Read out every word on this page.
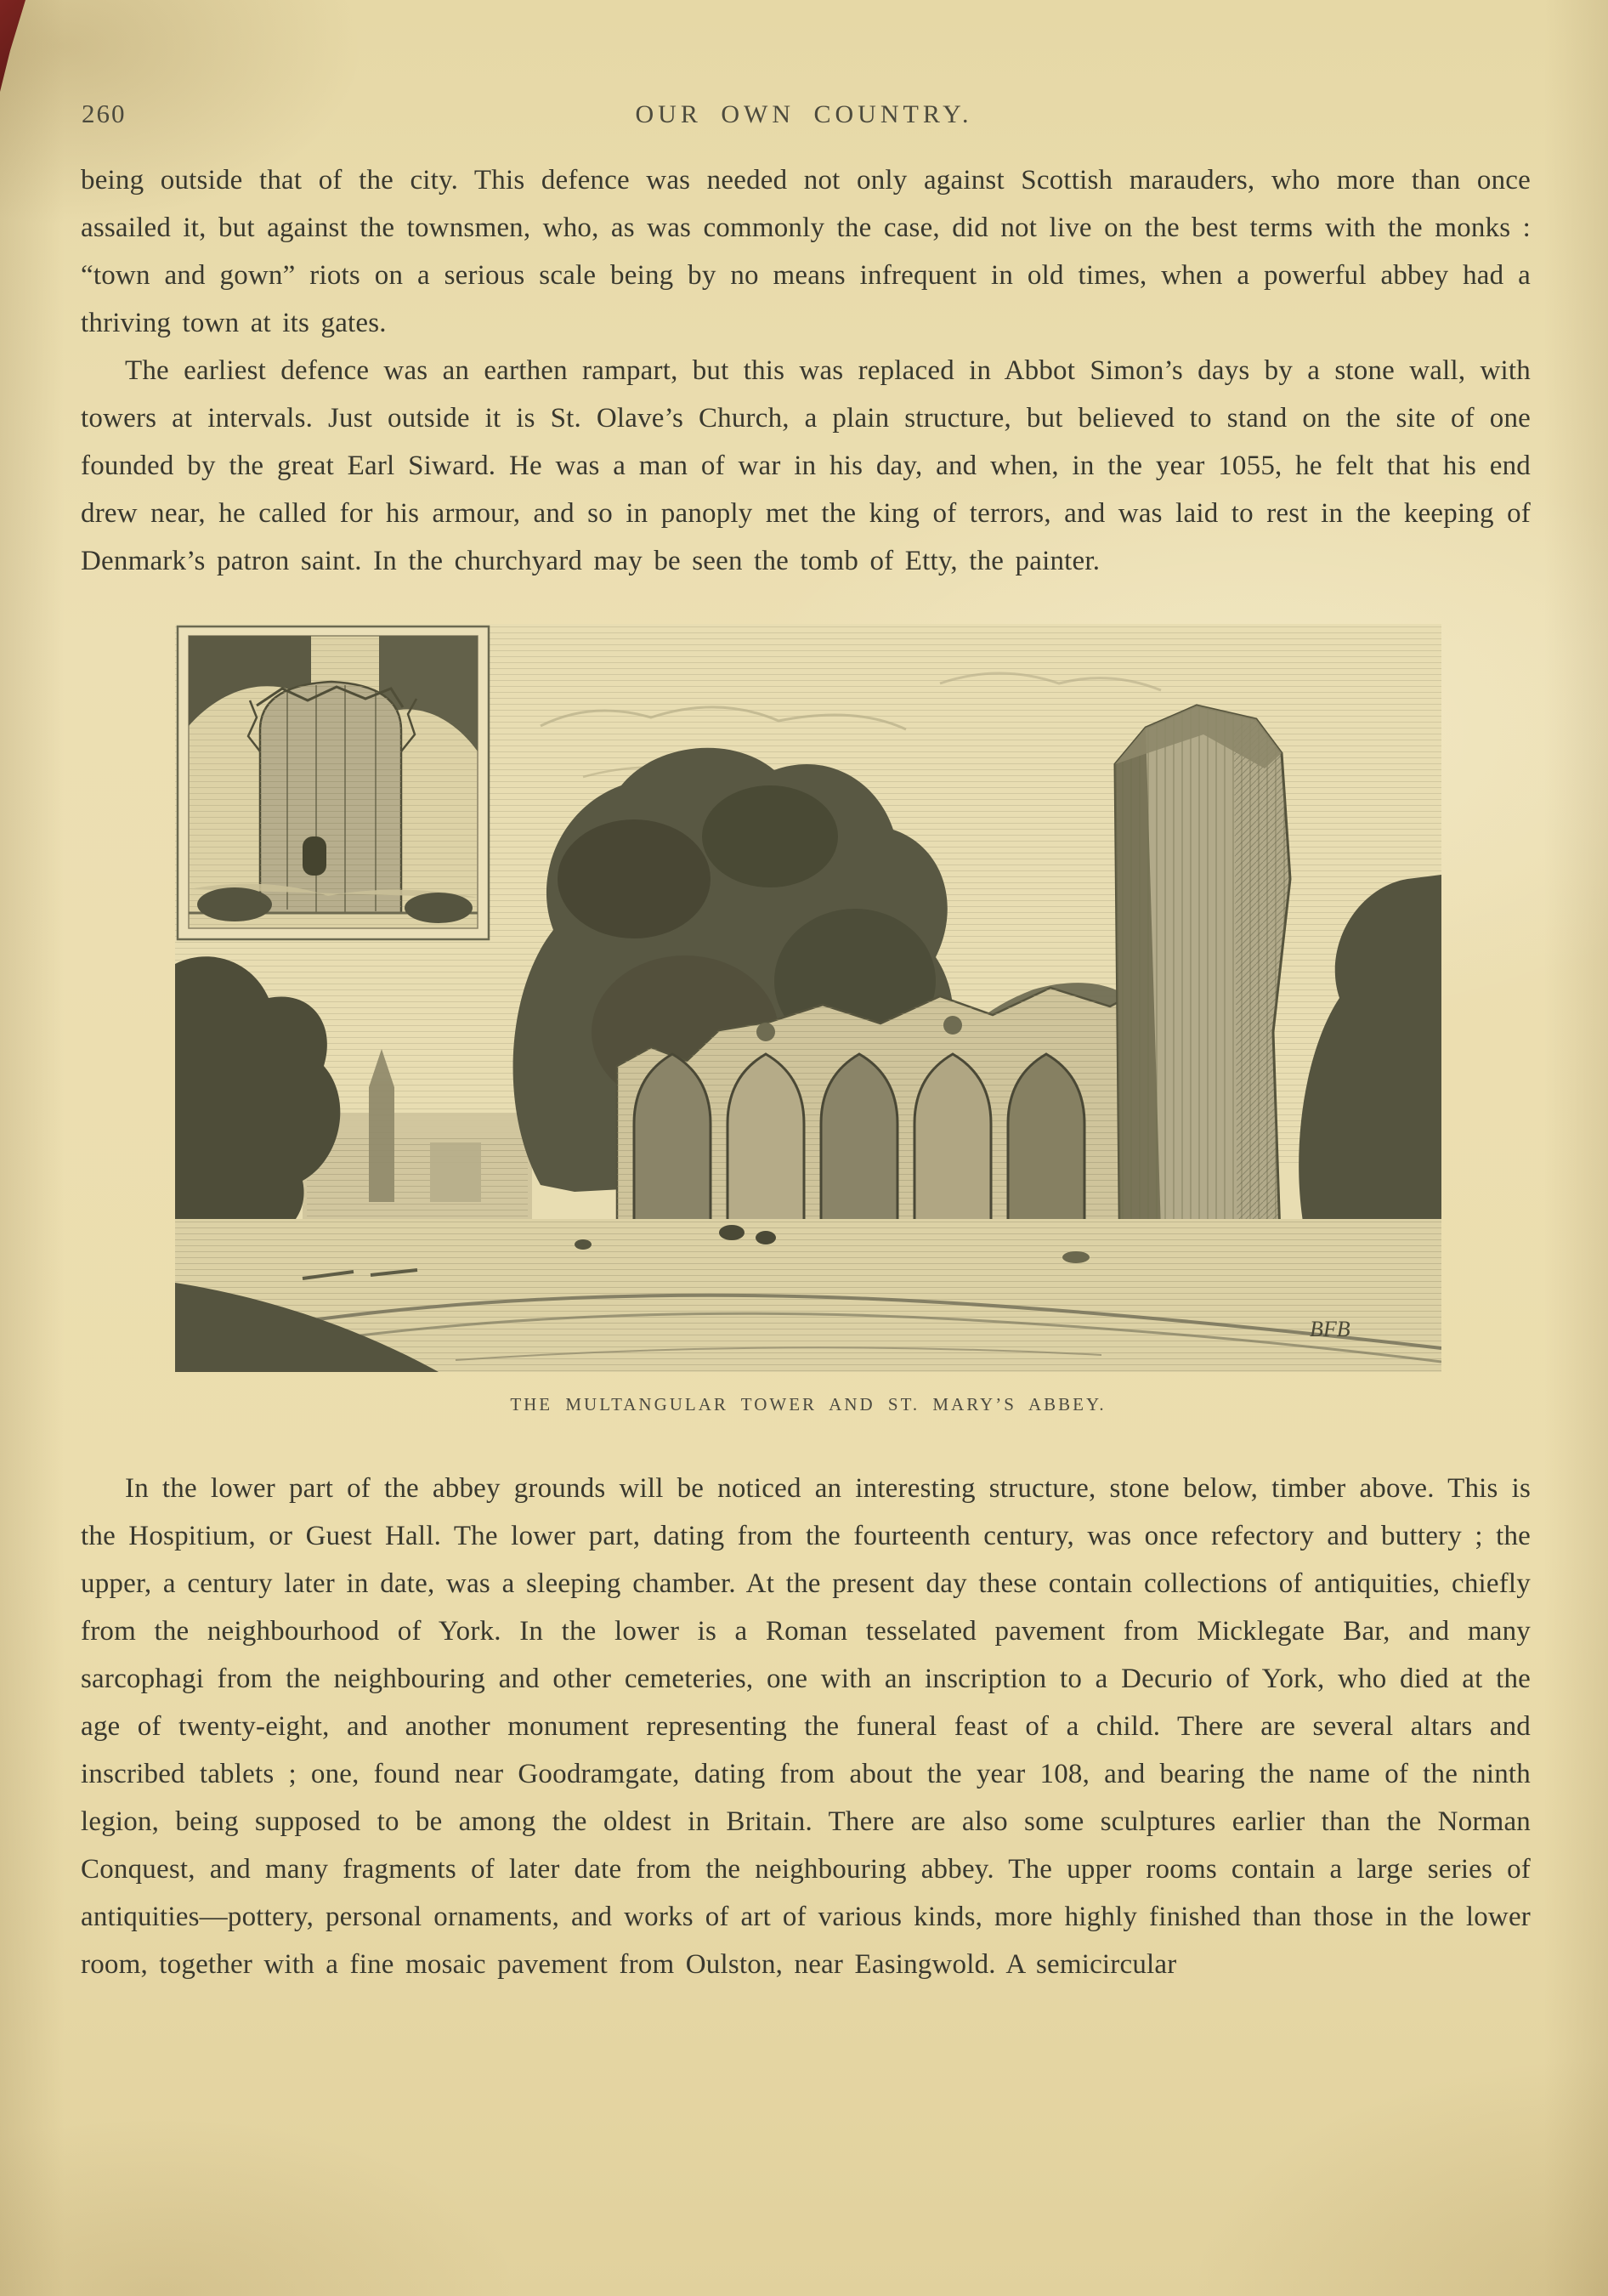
260	OUR OWN COUNTRY.

being outside that of the city. This defence was needed not only against Scottish marauders, who more than once assailed it, but against the townsmen, who, as was commonly the case, did not live on the best terms with the monks : “town and gown” riots on a serious scale being by no means infrequent in old times, when a powerful abbey had a thriving town at its gates.

The earliest defence was an earthen rampart, but this was replaced in Abbot Simon’s days by a stone wall, with towers at intervals. Just outside it is St. Olave’s Church, a plain structure, but believed to stand on the site of one founded by the great Earl Siward. He was a man of war in his day, and when, in the year 1055, he felt that his end drew near, he called for his armour, and so in panoply met the king of terrors, and was laid to rest in the keeping of Denmark’s patron saint. In the churchyard may be seen the tomb of Etty, the painter.

BFB
THE MULTANGULAR TOWER AND ST. MARY’S ABBEY.

In the lower part of the abbey grounds will be noticed an interesting structure, stone below, timber above. This is the Hospitium, or Guest Hall. The lower part, dating from the fourteenth century, was once refectory and buttery ; the upper, a century later in date, was a sleeping chamber. At the present day these contain collections of antiquities, chiefly from the neighbourhood of York. In the lower is a Roman tesselated pavement from Micklegate Bar, and many sarcophagi from the neighbouring and other cemeteries, one with an inscription to a Decurio of York, who died at the age of twenty-eight, and another monument representing the funeral feast of a child. There are several altars and inscribed tablets ; one, found near Goodramgate, dating from about the year 108, and bearing the name of the ninth legion, being supposed to be among the oldest in Britain. There are also some sculptures earlier than the Norman Conquest, and many fragments of later date from the neighbouring abbey. The upper rooms contain a large series of antiquities—pottery, personal ornaments, and works of art of various kinds, more highly finished than those in the lower room, together with a fine mosaic pavement from Oulston, near Easingwold. A semicircular
